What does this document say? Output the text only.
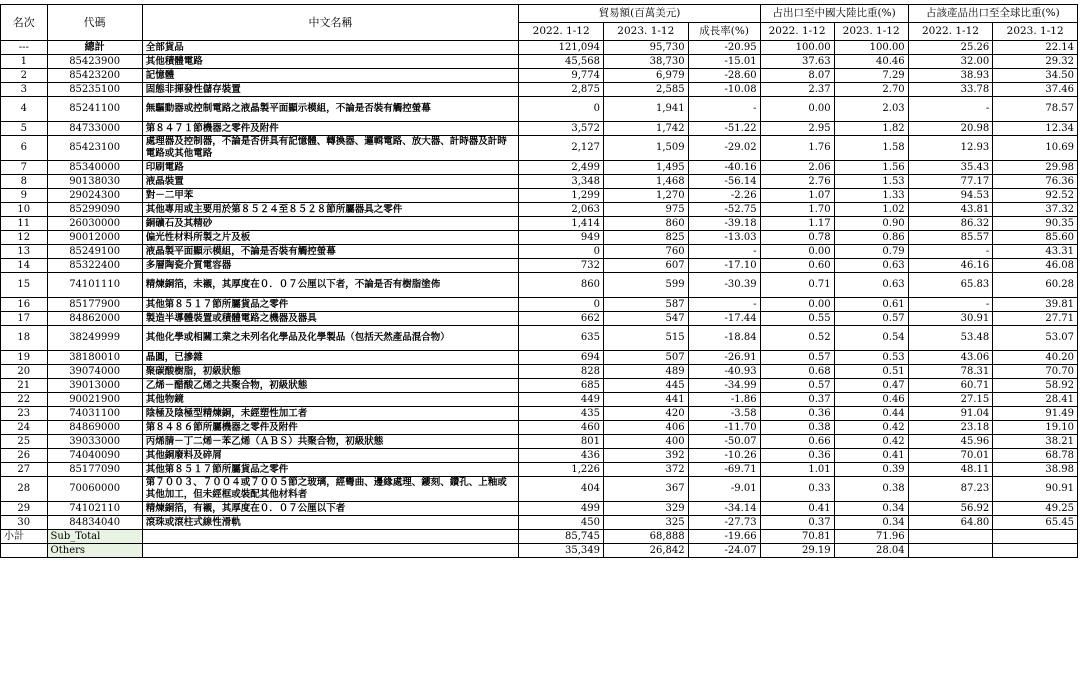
名次	代碼	中文名稱	貿易額(百萬美元)			占出口至中國大陸比重(%)		占該產品出口至全球比重(%)	
			2022. 1-12	2023. 1-12	成長率(%)	2022. 1-12	2023. 1-12	2022. 1-12	2023. 1-12
---	總計	全部貨品	121,094	95,730	-20.95	100.00	100.00	25.26	22.14
1	85423900	其他積體電路	45,568	38,730	-15.01	37.63	40.46	32.00	29.32
2	85423200	記憶體	9,774	6,979	-28.60	8.07	7.29	38.93	34.50
3	85235100	固態非揮發性儲存裝置	2,875	2,585	-10.08	2.37	2.70	33.78	37.46
4	85241100	無驅動器或控制電路之液晶製平面顯示模組，不論是否裝有觸控螢幕	0	1,941	-	0.00	2.03	-	78.57
5	84733000	第８４７１節機器之零件及附件	3,572	1,742	-51.22	2.95	1.82	20.98	12.34
6	85423100	處理器及控制器，不論是否併具有記憶體、轉換器、邏輯電路、放大器、計時器及計時電路或其他電路	2,127	1,509	-29.02	1.76	1.58	12.93	10.69
7	85340000	印刷電路	2,499	1,495	-40.16	2.06	1.56	35.43	29.98
8	90138030	液晶裝置	3,348	1,468	-56.14	2.76	1.53	77.17	76.36
9	29024300	對－二甲苯	1,299	1,270	-2.26	1.07	1.33	94.53	92.52
10	85299090	其他專用或主要用於第８５２４至８５２８節所屬器具之零件	2,063	975	-52.75	1.70	1.02	43.81	37.32
11	26030000	銅礦石及其精砂	1,414	860	-39.18	1.17	0.90	86.32	90.35
12	90012000	偏光性材料所製之片及板	949	825	-13.03	0.78	0.86	85.57	85.60
13	85249100	液晶製平面顯示模組，不論是否裝有觸控螢幕	0	760	-	0.00	0.79	-	43.31
14	85322400	多層陶瓷介質電容器	732	607	-17.10	0.60	0.63	46.16	46.08
15	74101110	精煉銅箔，未襯，其厚度在０．０７公厘以下者，不論是否有樹脂塗佈	860	599	-30.39	0.71	0.63	65.83	60.28
16	85177900	其他第８５１７節所屬貨品之零件	0	587	-	0.00	0.61	-	39.81
17	84862000	製造半導體裝置或積體電路之機器及器具	662	547	-17.44	0.55	0.57	30.91	27.71
18	38249999	其他化學或相關工業之未列名化學品及化學製品（包括天然產品混合物）	635	515	-18.84	0.52	0.54	53.48	53.07
19	38180010	晶圓，已摻雜	694	507	-26.91	0.57	0.53	43.06	40.20
20	39074000	聚碳酸樹脂，初級狀態	828	489	-40.93	0.68	0.51	78.31	70.70
21	39013000	乙烯－醋酸乙烯之共聚合物，初級狀態	685	445	-34.99	0.57	0.47	60.71	58.92
22	90021900	其他物鏡	449	441	-1.86	0.37	0.46	27.15	28.41
23	74031100	陰極及陰極型精煉銅，未經塑性加工者	435	420	-3.58	0.36	0.44	91.04	91.49
24	84869000	第８４８６節所屬機器之零件及附件	460	406	-11.70	0.38	0.42	23.18	19.10
25	39033000	丙烯腈－丁二烯－苯乙烯（ＡＢＳ）共聚合物，初級狀態	801	400	-50.07	0.66	0.42	45.96	38.21
26	74040090	其他銅廢料及碎屑	436	392	-10.26	0.36	0.41	70.01	68.78
27	85177090	其他第８５１７節所屬貨品之零件	1,226	372	-69.71	1.01	0.39	48.11	38.98
28	70060000	第７００３、７００４或７００５節之玻璃，經彎曲、邊緣處理、鏤刻、鑽孔、上釉或其他加工，但未經框或裝配其他材料者	404	367	-9.01	0.33	0.38	87.23	90.91
29	74102110	精煉銅箔，有襯，其厚度在０．０７公厘以下者	499	329	-34.14	0.41	0.34	56.92	49.25
30	84834040	滾珠或滾柱式線性滑軌	450	325	-27.73	0.37	0.34	64.80	65.45
小計	Sub_Total		85,745	68,888	-19.66	70.81	71.96		
	Others		35,349	26,842	-24.07	29.19	28.04		
